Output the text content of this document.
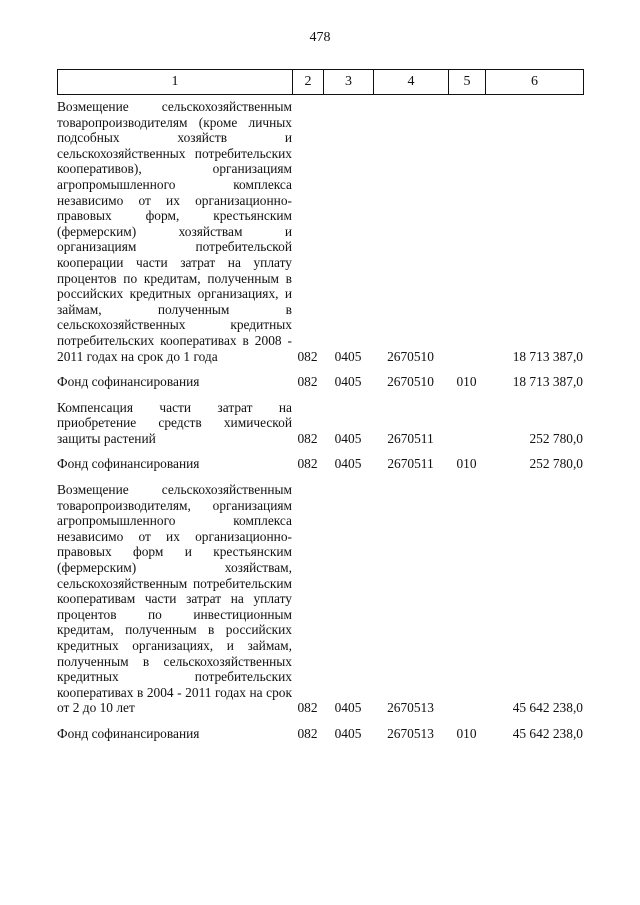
478
1	2	3	4	5	6
Возмещение сельскохозяйственным товаропроизводителям (кроме личных подсобных хозяйств и сельскохозяйственных потребительских кооперативов), организациям агропромышленного комплекса независимо от их организационно-правовых форм, крестьянским (фермерским) хозяйствам и организациям потребительской кооперации части затрат на уплату процентов по кредитам, полученным в российских кредитных организациях, и займам, полученным в сельскохозяйственных кредитных потребительских кооперативах в 2008 - 2011 годах на срок до 1 года	082	0405	2670510		18 713 387,0

Фонд софинансирования	082	0405	2670510	010	18 713 387,0

Компенсация части затрат на приобретение средств химической защиты растений	082	0405	2670511		252 780,0

Фонд софинансирования	082	0405	2670511	010	252 780,0

Возмещение сельскохозяйственным товаропроизводителям, организациям агропромышленного комплекса независимо от их организационно-правовых форм и крестьянским (фермерским) хозяйствам, сельскохозяйственным потребительским кооперативам части затрат на уплату процентов по инвестиционным кредитам, полученным в российских кредитных организациях, и займам, полученным в сельскохозяйственных кредитных потребительских кооперативах в 2004 - 2011 годах на срок от 2 до 10 лет	082	0405	2670513		45 642 238,0

Фонд софинансирования	082	0405	2670513	010	45 642 238,0
